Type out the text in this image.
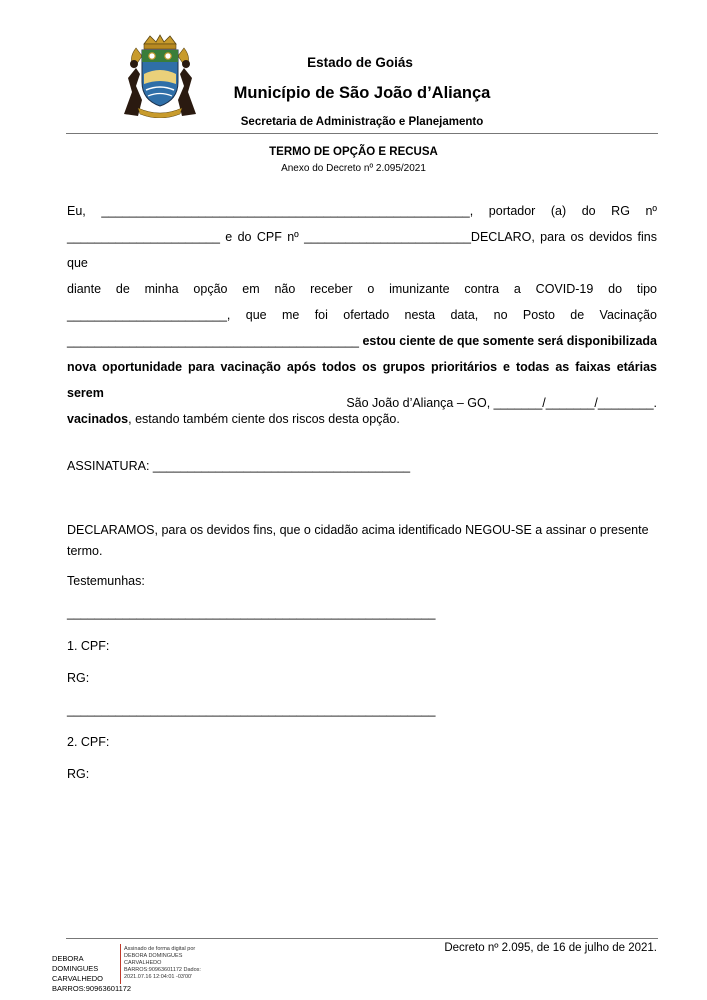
Estado de Goiás
Município de São João d’Aliança
Secretaria de Administração e Planejamento
TERMO DE OPÇÃO E RECUSA
Anexo do Decreto nº 2.095/2021
Eu, _____________________________________________________, portador (a) do RG nº
______________________ e do CPF nº ________________________DECLARO, para os devidos fins que
diante de minha opção em não receber o imunizante contra a COVID-19 do tipo
_______________________, que me foi ofertado nesta data, no Posto de Vacinação
__________________________________________ estou ciente de que somente será disponibilizada
nova oportunidade para vacinação após todos os grupos prioritários e todas as faixas etárias serem
vacinados, estando também ciente dos riscos desta opção.
São João d’Aliança – GO, _______/_______/________.
ASSINATURA: _____________________________________
DECLARAMOS, para os devidos fins, que o cidadão acima identificado NEGOU-SE a assinar o presente termo.
Testemunhas:
_____________________________________________________
1. CPF:
RG:
_____________________________________________________
2. CPF:
RG:
Decreto nº 2.095, de 16 de julho de 2021.
DEBORA DOMINGUES CARVALHEDO BARROS:90963601172
Assinado de forma digital por DEBORA DOMINGUES CARVALHEDO BARROS:90963601172 Dados: 2021.07.16 12:04:01 -03'00'
